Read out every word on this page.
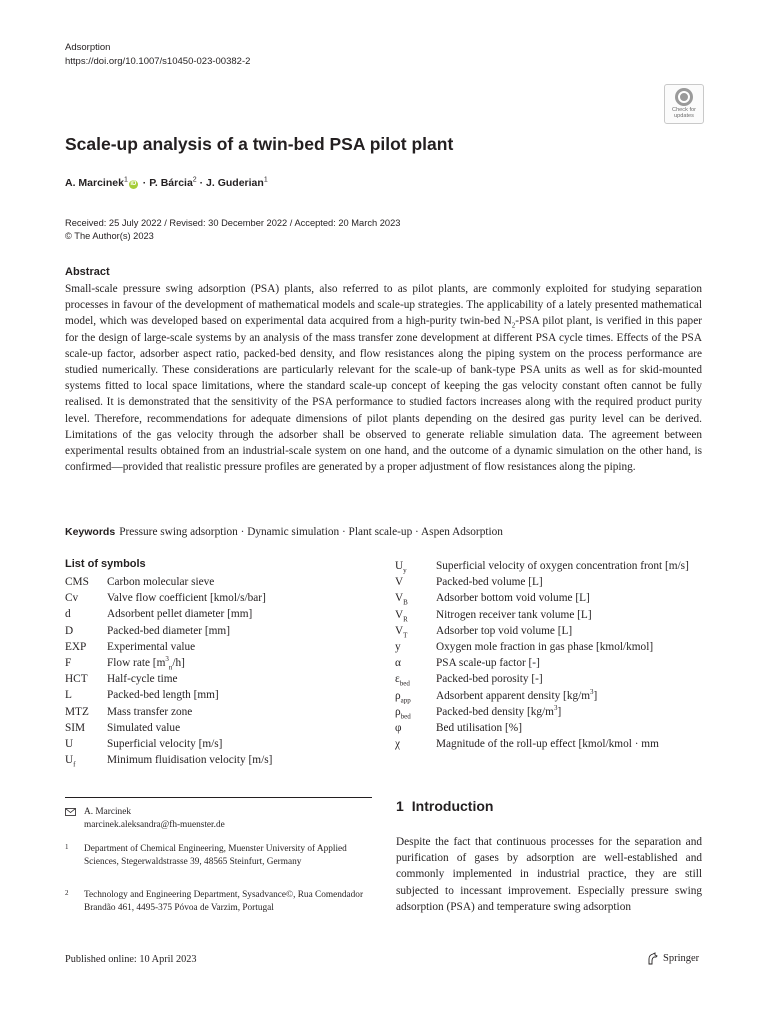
Adsorption
https://doi.org/10.1007/s10450-023-00382-2
Check for
updates
Scale-up analysis of a twin-bed PSA pilot plant
A. Marcinek$^1$iD · P. Bárcia$^2$ · J. Guderian$^1$
Received: 25 July 2022 / Revised: 30 December 2022 / Accepted: 20 March 2023
© The Author(s) 2023
Abstract

Small-scale pressure swing adsorption (PSA) plants, also referred to as pilot plants, are commonly exploited for studying separation processes in favour of the development of mathematical models and scale-up strategies. The applicability of a lately presented mathematical model, which was developed based on experimental data acquired from a high-purity twin-bed $N_2$-PSA pilot plant, is verified in this paper for the design of large-scale systems by an analysis of the mass transfer zone development at different PSA cycle times. Effects of the PSA scale-up factor, adsorber aspect ratio, packed-bed density, and flow resistances along the piping system on the process performance are studied numerically. These considerations are particularly relevant for the scale-up of bank-type PSA units as well as for skid-mounted systems fitted to local space limitations, where the standard scale-up concept of keeping the gas velocity constant often cannot be fully realised. It is demonstrated that the sensitivity of the PSA performance to studied factors increases along with the required product purity level. Therefore, recommendations for adequate dimensions of pilot plants depending on the desired gas purity level can be derived. Limitations of the gas velocity through the adsorber shall be observed to generate reliable simulation data. The agreement between experimental results obtained from an industrial-scale system on one hand, and the outcome of a dynamic simulation on the other hand, is confirmed—provided that realistic pressure profiles are generated by a proper adjustment of flow resistances along the piping.

Keywords Pressure swing adsorption · Dynamic simulation · Plant scale-up · Aspen Adsorption
List of symbols
CMS	Carbon molecular sieve
Cv	Valve flow coefficient [kmol/s/bar]
d	Adsorbent pellet diameter [mm]
D	Packed-bed diameter [mm]
EXP	Experimental value
F	Flow rate $[m^3_n/h]$
HCT	Half-cycle time
L	Packed-bed length [mm]
MTZ	Mass transfer zone
SIM	Simulated value
U	Superficial velocity [m/s]
$U_f$	Minimum fluidisation velocity [m/s]
$U_y$	Superficial velocity of oxygen concentration front [m/s]
V	Packed-bed volume [L]
$V_B$	Adsorber bottom void volume [L]
$V_R$	Nitrogen receiver tank volume [L]
$V_T$	Adsorber top void volume [L]
y	Oxygen mole fraction in gas phase [kmol/kmol]
α	PSA scale-up factor [-]
$\varepsilon_{bed}$	Packed-bed porosity [-]
$\rho_{app}$	Adsorbent apparent density $[kg/m^3]$
$\rho_{bed}$	Packed-bed density $[kg/m^3]$
φ	Bed utilisation [%]
χ	Magnitude of the roll-up effect [kmol/kmol · mm
A. Marcinek
marcinek.aleksandra@fh-muenster.de
1 Department of Chemical Engineering, Muenster University of Applied Sciences, Stegerwaldstrasse 39, 48565 Steinfurt, Germany
2 Technology and Engineering Department, Sysadvance©, Rua Comendador Brandão 461, 4495-375 Póvoa de Varzim, Portugal
1 Introduction

Despite the fact that continuous processes for the separation and purification of gases by adsorption are well-established and commonly implemented in industrial practice, they are still subjected to incessant improvement. Especially pressure swing adsorption (PSA) and temperature swing adsorption

Published online: 10 April 2023	Springer
